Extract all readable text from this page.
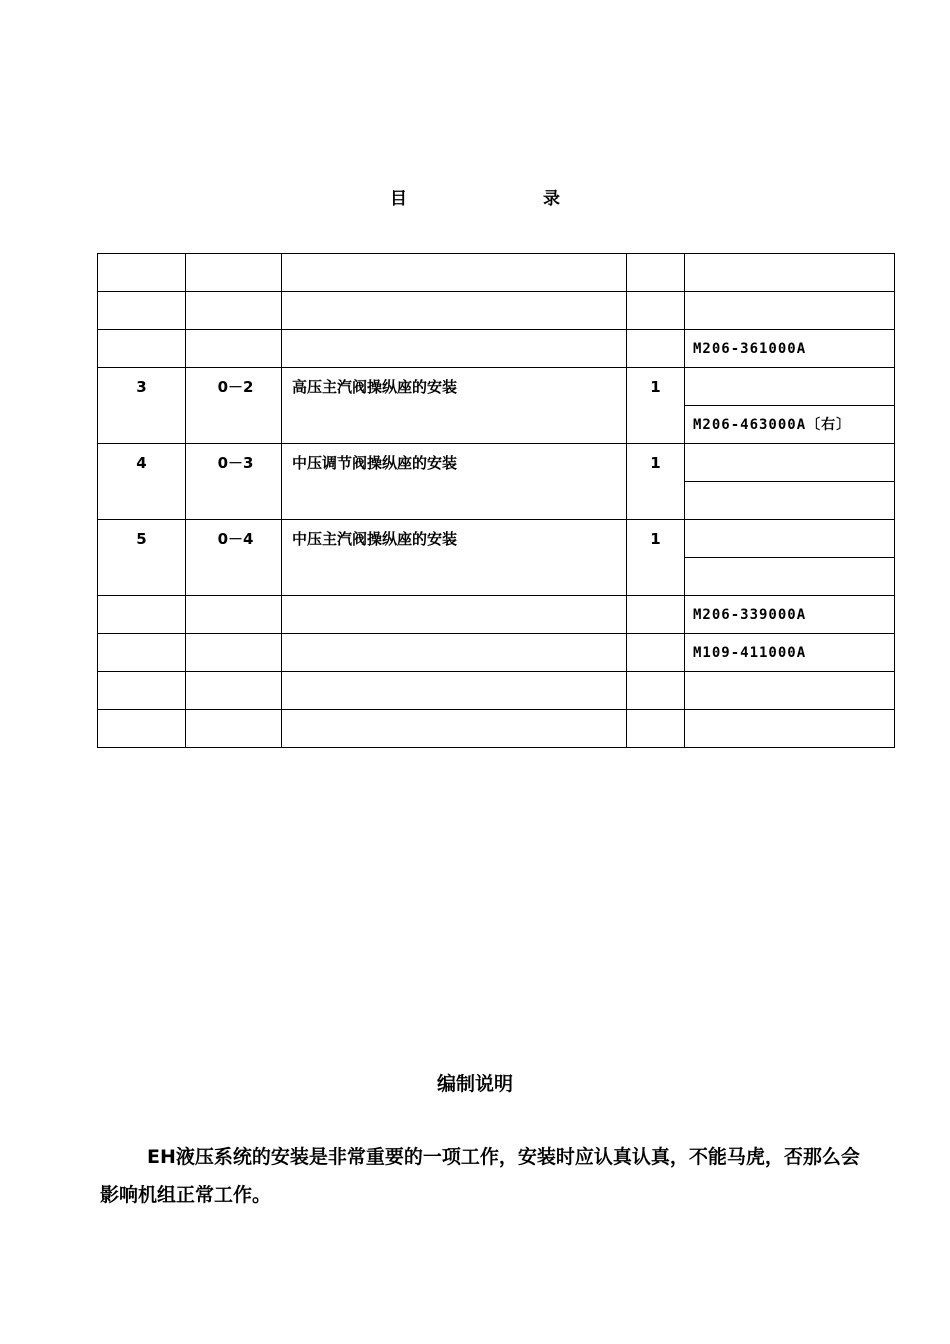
目	录

				M206-361000A

3	0－2	高压主汽阀操纵座的安装	1	

				M206-463000A〔右〕

4	0－3	中压调节阀操纵座的安装	1	

5	0－4	中压主汽阀操纵座的安装	1	

				M206-339000A

				M109-411000A

编制说明
EH液压系统的安装是非常重要的一项工作，安装时应认真认真，不能马虎，否那么会影响机组正常工作。
